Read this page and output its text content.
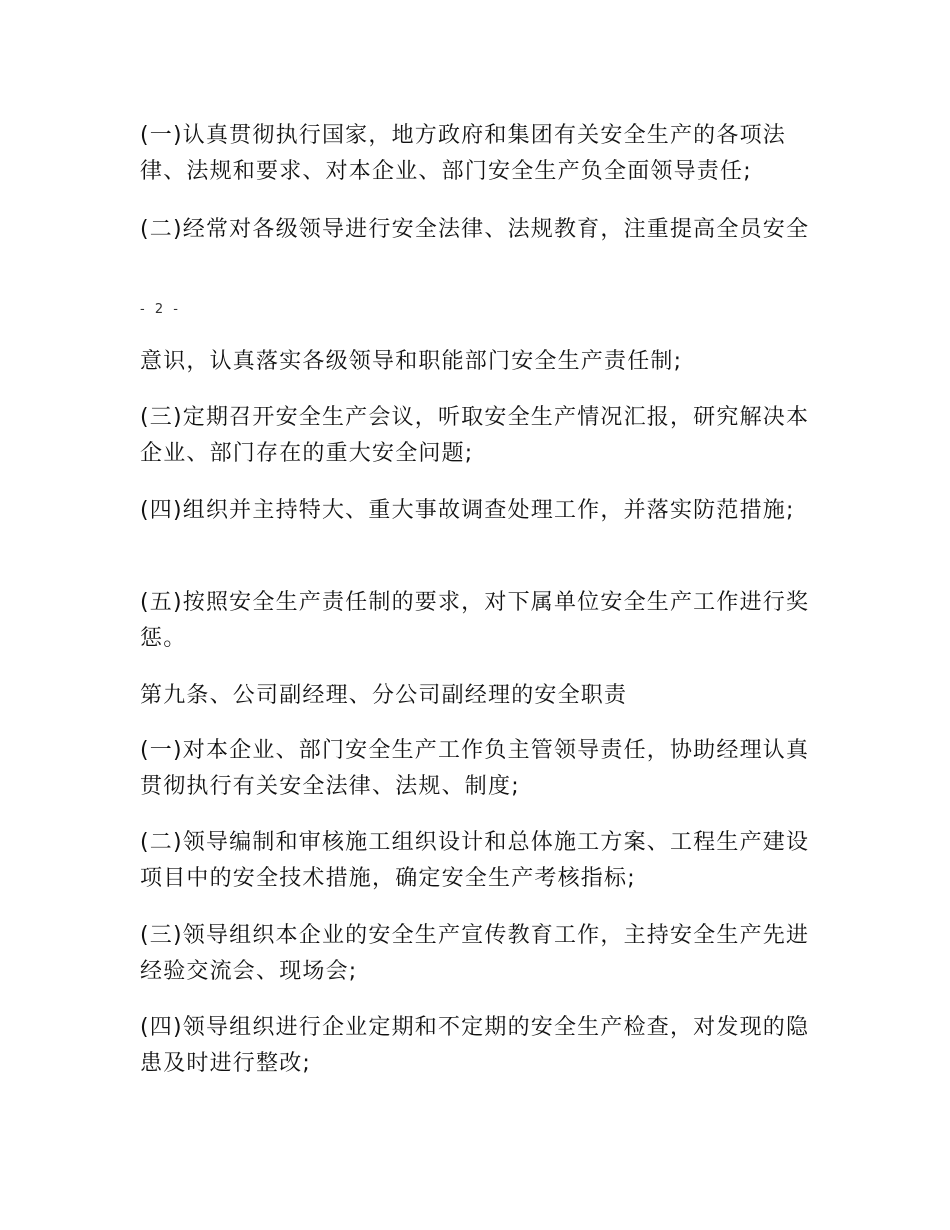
(一)认真贯彻执行国家，地方政府和集团有关安全生产的各项法律、法规和要求、对本企业、部门安全生产负全面领导责任;

(二)经常对各级领导进行安全法律、法规教育，注重提高全员安全

- 2 -

意识，认真落实各级领导和职能部门安全生产责任制;

(三)定期召开安全生产会议，听取安全生产情况汇报，研究解决本企业、部门存在的重大安全问题;

(四)组织并主持特大、重大事故调查处理工作，并落实防范措施;

(五)按照安全生产责任制的要求，对下属单位安全生产工作进行奖惩。

第九条、公司副经理、分公司副经理的安全职责

(一)对本企业、部门安全生产工作负主管领导责任，协助经理认真贯彻执行有关安全法律、法规、制度;

(二)领导编制和审核施工组织设计和总体施工方案、工程生产建设项目中的安全技术措施，确定安全生产考核指标;

(三)领导组织本企业的安全生产宣传教育工作，主持安全生产先进经验交流会、现场会;

(四)领导组织进行企业定期和不定期的安全生产检查，对发现的隐患及时进行整改;
